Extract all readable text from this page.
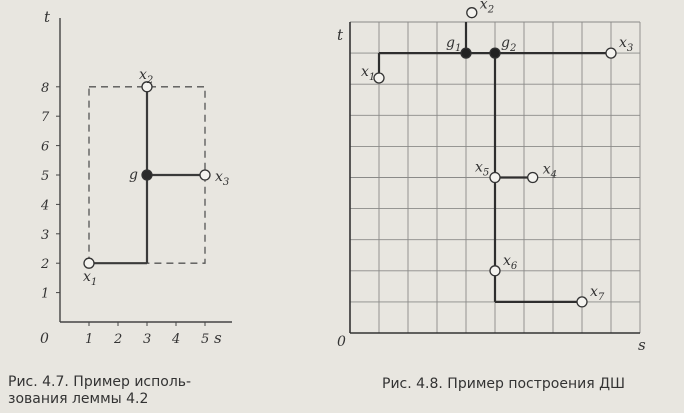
t
s
0
1
2
3
4
5
6
7
8
1 2 3 4 5
$x_1$
$x_2$
$x_3$
g
t
s
0
$x_1$
$x_2$
$x_3$
$x_4$
$x_5$
$x_6$
$x_7$
$g_1$	$g_2$
Рис. 4.7. Пример исполь-
зования леммы 4.2
Рис. 4.8. Пример построения ДШ
